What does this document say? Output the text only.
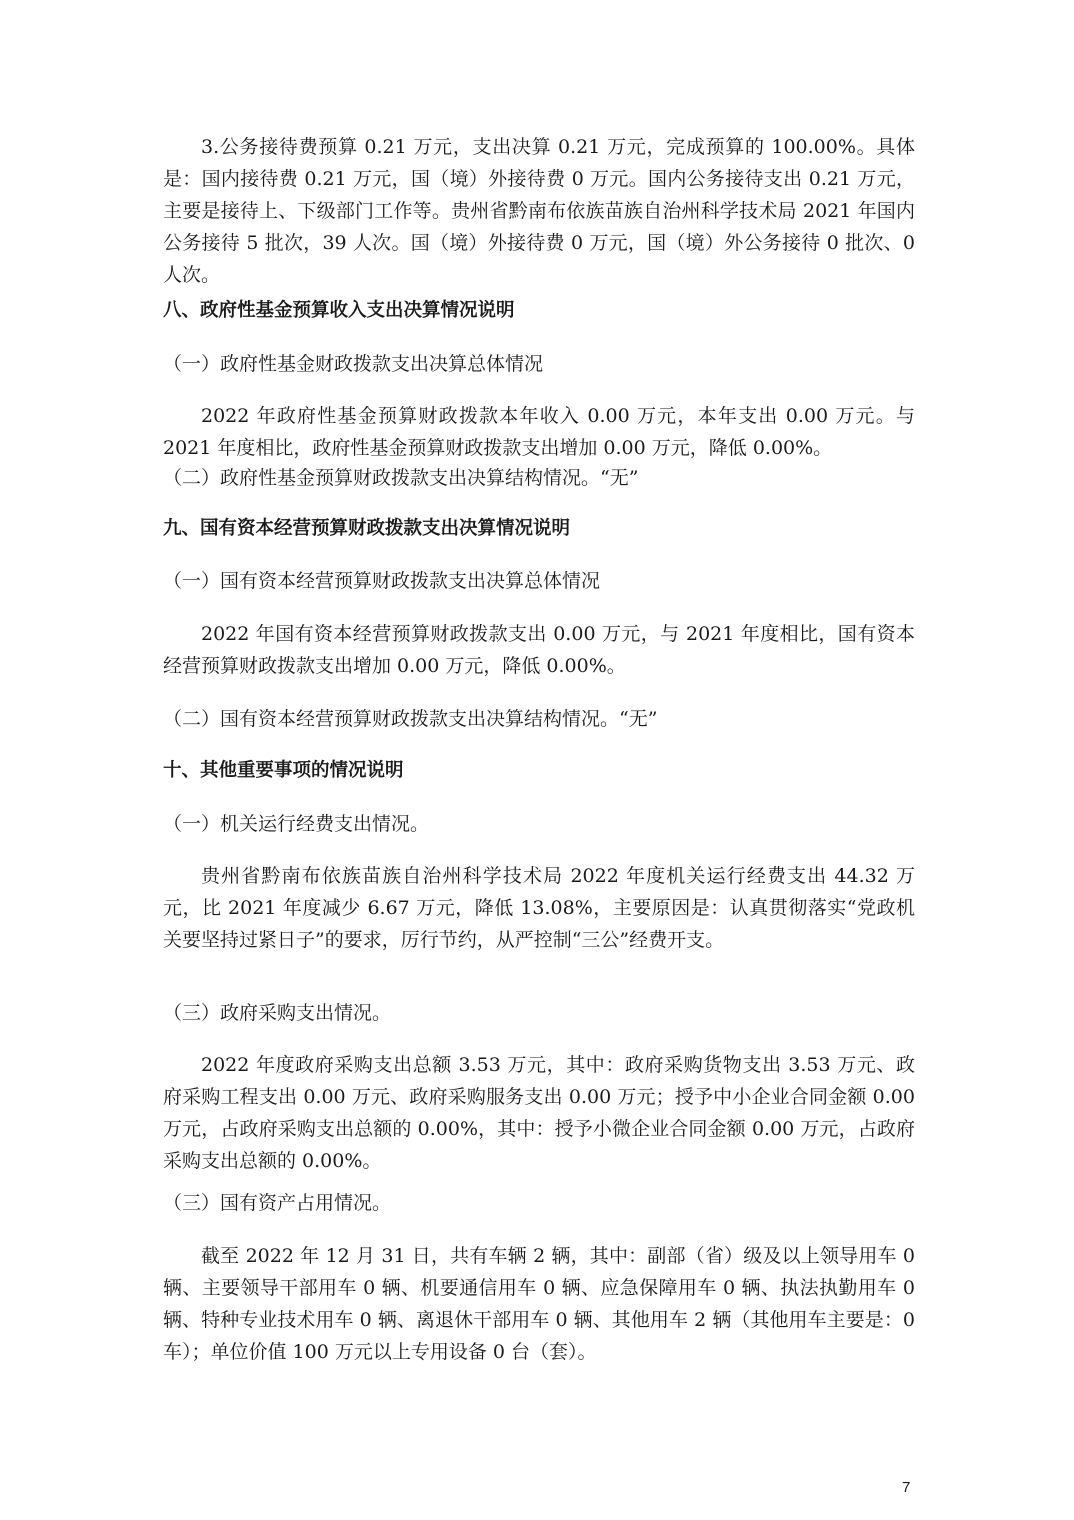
3.公务接待费预算 0.21 万元，支出决算 0.21 万元，完成预算的 100.00%。具体是：国内接待费 0.21 万元，国（境）外接待费 0 万元。国内公务接待支出 0.21 万元，主要是接待上、下级部门工作等。贵州省黔南布依族苗族自治州科学技术局 2021 年国内公务接待 5 批次，39 人次。国（境）外接待费 0 万元，国（境）外公务接待 0 批次、0 人次。

八、政府性基金预算收入支出决算情况说明

（一）政府性基金财政拨款支出决算总体情况

2022 年政府性基金预算财政拨款本年收入 0.00 万元，本年支出 0.00 万元。与 2021 年度相比，政府性基金预算财政拨款支出增加 0.00 万元，降低 0.00%。

（二）政府性基金预算财政拨款支出决算结构情况。“无”

九、国有资本经营预算财政拨款支出决算情况说明

（一）国有资本经营预算财政拨款支出决算总体情况

2022 年国有资本经营预算财政拨款支出 0.00 万元，与 2021 年度相比，国有资本经营预算财政拨款支出增加 0.00 万元，降低 0.00%。

（二）国有资本经营预算财政拨款支出决算结构情况。“无”

十、其他重要事项的情况说明

（一）机关运行经费支出情况。

贵州省黔南布依族苗族自治州科学技术局 2022 年度机关运行经费支出 44.32 万元，比 2021 年度减少 6.67 万元，降低 13.08%，主要原因是：认真贯彻落实“党政机关要坚持过紧日子”的要求，厉行节约，从严控制“三公”经费开支。

（三）政府采购支出情况。

2022 年度政府采购支出总额 3.53 万元，其中：政府采购货物支出 3.53 万元、政府采购工程支出 0.00 万元、政府采购服务支出 0.00 万元；授予中小企业合同金额 0.00 万元，占政府采购支出总额的 0.00%，其中：授予小微企业合同金额 0.00 万元，占政府采购支出总额的 0.00%。

（三）国有资产占用情况。

截至 2022 年 12 月 31 日，共有车辆 2 辆，其中：副部（省）级及以上领导用车 0 辆、主要领导干部用车 0 辆、机要通信用车 0 辆、应急保障用车 0 辆、执法执勤用车 0 辆、特种专业技术用车 0 辆、离退休干部用车 0 辆、其他用车 2 辆（其他用车主要是：0 车）；单位价值 100 万元以上专用设备 0 台（套）。

7
